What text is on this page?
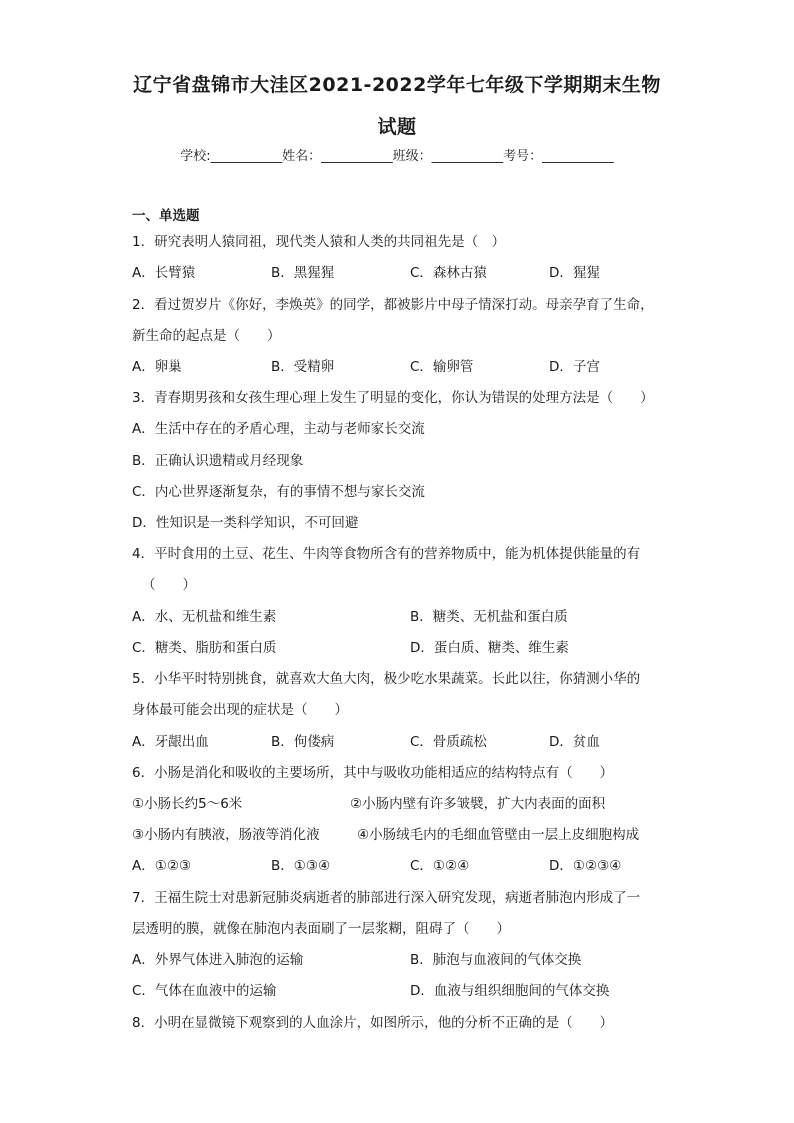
辽宁省盘锦市大洼区2021-2022学年七年级下学期期末生物
试题
学校:___________姓名：___________班级：___________考号：___________
一、单选题
1．研究表明人猿同祖，现代类人猿和人类的共同祖先是（　）
A．长臂猿	B．黑猩猩	C．森林古猿	D．猩猩
2．看过贺岁片《你好，李焕英》的同学，都被影片中母子情深打动。母亲孕育了生命，
新生命的起点是（　　）
A．卵巢	B．受精卵	C．输卵管	D．子宫
3．青春期男孩和女孩生理心理上发生了明显的变化，你认为错误的处理方法是（　　）
A．生活中存在的矛盾心理，主动与老师家长交流
B．正确认识遗精或月经现象
C．内心世界逐渐复杂，有的事情不想与家长交流
D．性知识是一类科学知识，不可回避
4．平时食用的土豆、花生、牛肉等食物所含有的营养物质中，能为机体提供能量的有
（　　）
A．水、无机盐和维生素	B．糖类、无机盐和蛋白质
C．糖类、脂肪和蛋白质	D．蛋白质、糖类、维生素
5．小华平时特别挑食，就喜欢大鱼大肉，极少吃水果蔬菜。长此以往，你猜测小华的
身体最可能会出现的症状是（　　）
A．牙龈出血	B．佝偻病	C．骨质疏松	D．贫血
6．小肠是消化和吸收的主要场所，其中与吸收功能相适应的结构特点有（　　）
①小肠长约5～6米	②小肠内壁有许多皱襞，扩大内表面的面积
③小肠内有胰液，肠液等消化液	④小肠绒毛内的毛细血管壁由一层上皮细胞构成
A．①②③	B．①③④	C．①②④	D．①②③④
7．王福生院士对患新冠肺炎病逝者的肺部进行深入研究发现，病逝者肺泡内形成了一
层透明的膜，就像在肺泡内表面刷了一层浆糊，阻碍了（　　）
A．外界气体进入肺泡的运输	B．肺泡与血液间的气体交换
C．气体在血液中的运输	D．血液与组织细胞间的气体交换
8．小明在显微镜下观察到的人血涂片，如图所示，他的分析不正确的是（　　）
